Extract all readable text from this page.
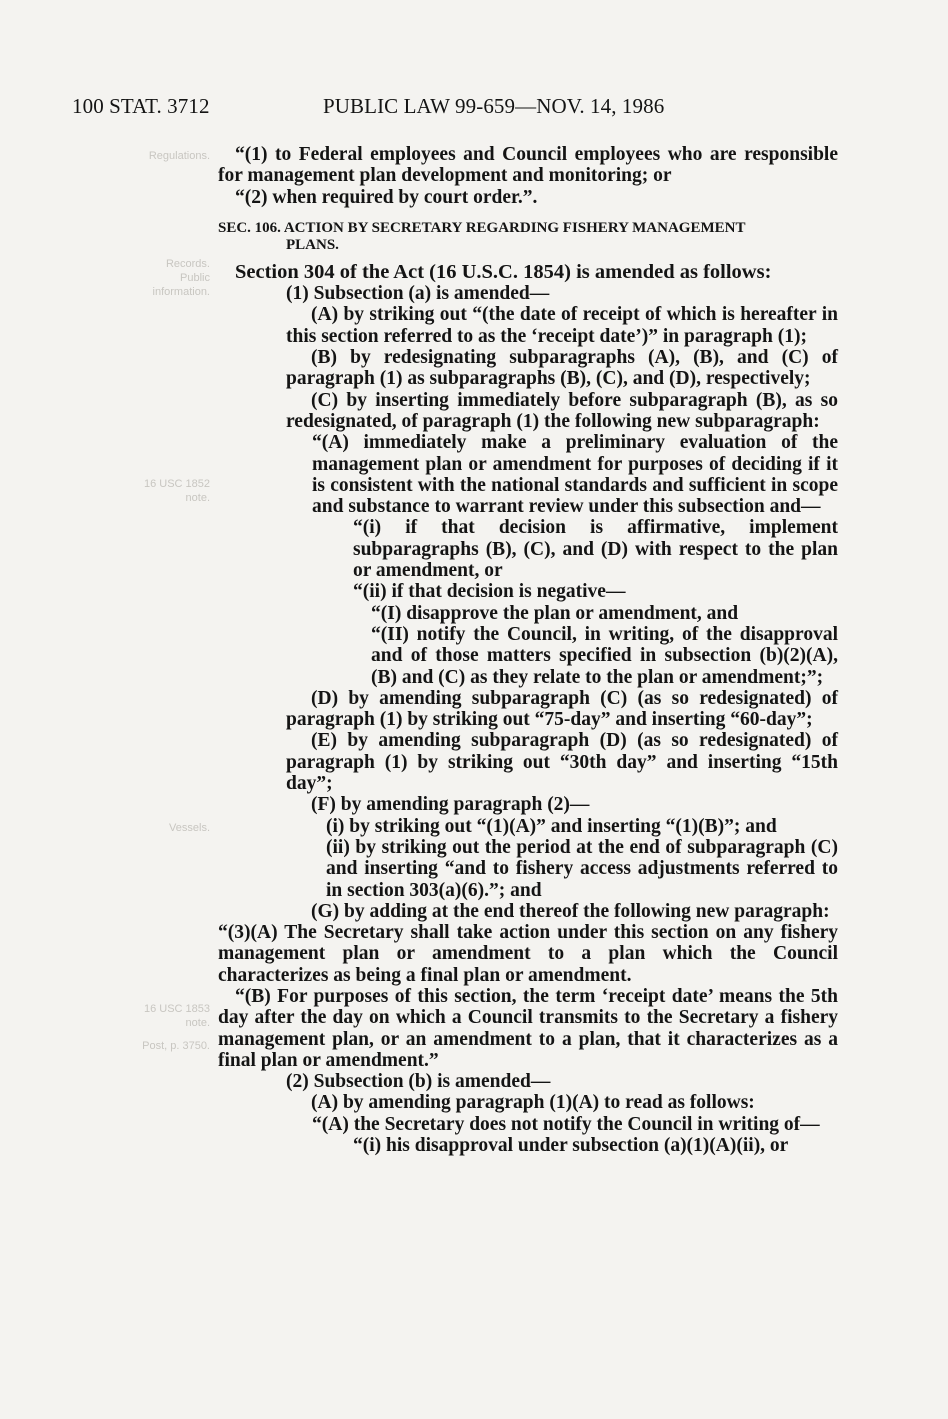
100 STAT. 3712	PUBLIC LAW 99-659—NOV. 14, 1986
Regulations.
Records.
Public
information.
16 USC 1852
note.
Vessels.
16 USC 1853
note.
Post, p. 3750.

“(1) to Federal employees and Council employees who are responsible for management plan development and monitoring; or

“(2) when required by court order.”.

SEC. 106. ACTION BY SECRETARY REGARDING FISHERY MANAGEMENT
PLANS.

Section 304 of the Act (16 U.S.C. 1854) is amended as follows:

(1) Subsection (a) is amended—

(A) by striking out “(the date of receipt of which is hereafter in this section referred to as the ‘receipt date’)” in paragraph (1);

(B) by redesignating subparagraphs (A), (B), and (C) of paragraph (1) as subparagraphs (B), (C), and (D), respectively;

(C) by inserting immediately before subparagraph (B), as so redesignated, of paragraph (1) the following new subparagraph:

“(A) immediately make a preliminary evaluation of the management plan or amendment for purposes of deciding if it is consistent with the national standards and sufficient in scope and substance to warrant review under this subsection and—

“(i) if that decision is affirmative, implement subparagraphs (B), (C), and (D) with respect to the plan or amendment, or

“(ii) if that decision is negative—

“(I) disapprove the plan or amendment, and

“(II) notify the Council, in writing, of the disapproval and of those matters specified in subsection (b)(2)(A), (B) and (C) as they relate to the plan or amendment;”;

(D) by amending subparagraph (C) (as so redesignated) of paragraph (1) by striking out “75-day” and inserting “60-day”;

(E) by amending subparagraph (D) (as so redesignated) of paragraph (1) by striking out “30th day” and inserting “15th day”;

(F) by amending paragraph (2)—

(i) by striking out “(1)(A)” and inserting “(1)(B)”; and

(ii) by striking out the period at the end of subparagraph (C) and inserting “and to fishery access adjustments referred to in section 303(a)(6).”; and

(G) by adding at the end thereof the following new paragraph:

“(3)(A) The Secretary shall take action under this section on any fishery management plan or amendment to a plan which the Council characterizes as being a final plan or amendment.

“(B) For purposes of this section, the term ‘receipt date’ means the 5th day after the day on which a Council transmits to the Secretary a fishery management plan, or an amendment to a plan, that it characterizes as a final plan or amendment.”

(2) Subsection (b) is amended—

(A) by amending paragraph (1)(A) to read as follows:

“(A) the Secretary does not notify the Council in writing of—

“(i) his disapproval under subsection (a)(1)(A)(ii), or
